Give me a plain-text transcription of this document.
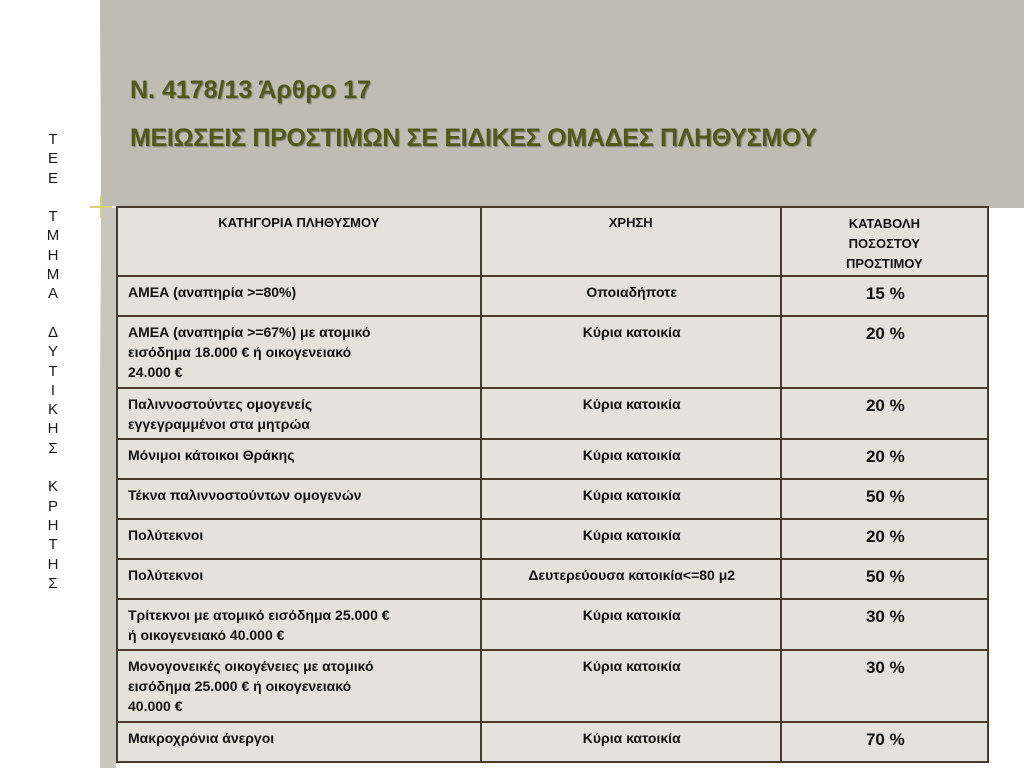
Τ
Ε
Ε
Τ
Μ
Η
Μ
Α
Δ
Υ
Τ
Ι
Κ
Η
Σ
Κ
Ρ
Η
Τ
Η
Σ
Ν. 4178/13 Άρθρο 17
ΜΕΙΩΣΕΙΣ ΠΡΟΣΤΙΜΩΝ ΣΕ ΕΙΔΙΚΕΣ ΟΜΑΔΕΣ ΠΛΗΘΥΣΜΟΥ
ΚΑΤΗΓΟΡΙΑ ΠΛΗΘΥΣΜΟΥ	ΧΡΗΣΗ	ΚΑΤΑΒΟΛΗ
ΠΟΣΟΣΤΟΥ
ΠΡΟΣΤΙΜΟΥ

ΑΜΕΑ (αναπηρία >=80%)	Οποιαδήποτε	15 %

ΑΜΕΑ (αναπηρία >=67%) με ατομικό
εισόδημα 18.000 € ή οικογενειακό
24.000 €	Κύρια κατοικία	20 %

Παλιννοστούντες ομογενείς
εγγεγραμμένοι στα μητρώα	Κύρια κατοικία	20 %
Μόνιμοι κάτοικοι Θράκης	Κύρια κατοικία	20 %
Τέκνα παλιννοστούντων ομογενών	Κύρια κατοικία	50 %
Πολύτεκνοι	Κύρια κατοικία	20 %
Πολύτεκνοι	Δευτερεύουσα κατοικία<=80 μ2	50 %

Τρίτεκνοι με ατομικό εισόδημα 25.000 €
ή οικογενειακό 40.000 €	Κύρια κατοικία	30 %

Μονογονεικές οικογένειες με ατομικό
εισόδημα 25.000 € ή οικογενειακό
40.000 €	Κύρια κατοικία	30 %
Μακροχρόνια άνεργοι	Κύρια κατοικία	70 %
